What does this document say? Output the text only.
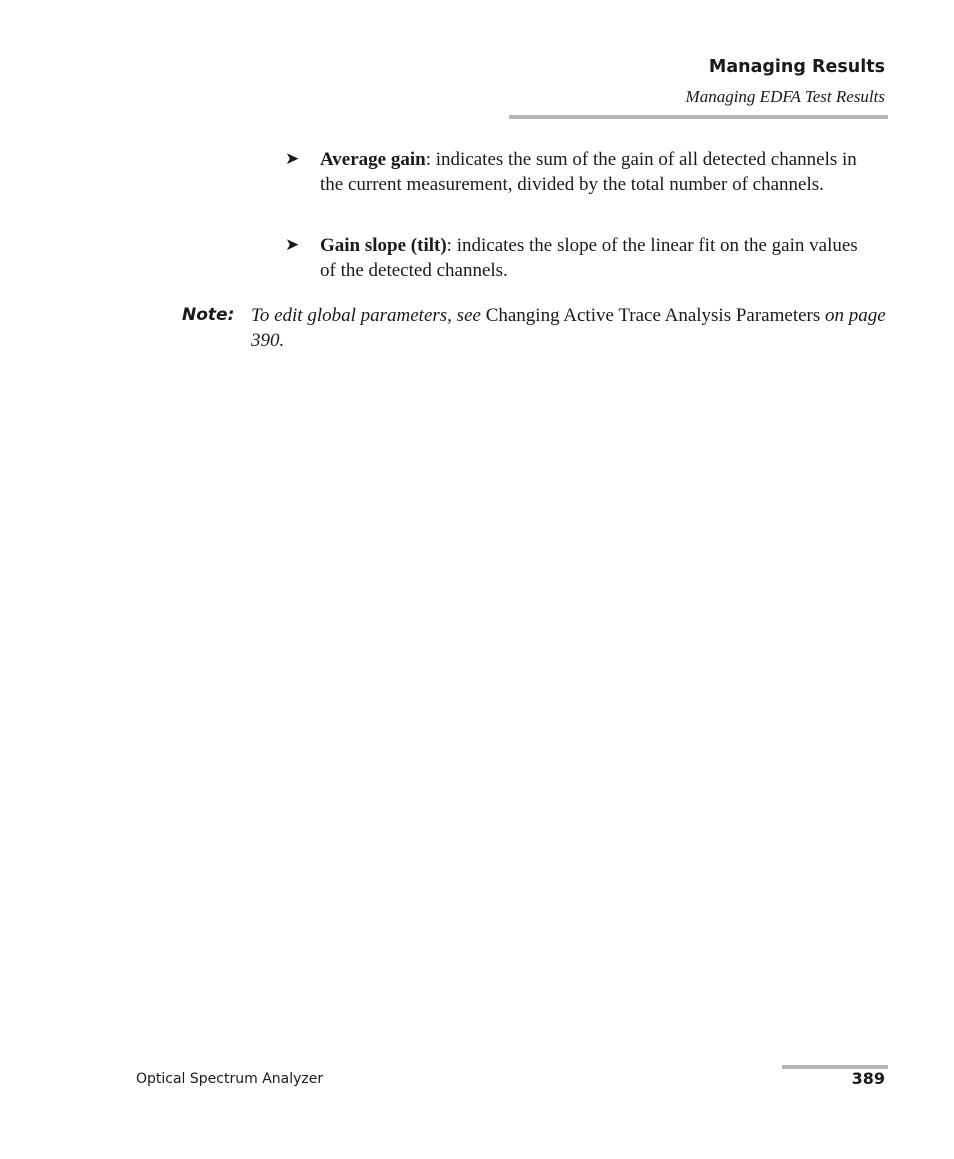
Managing Results
Managing EDFA Test Results
➤ Average gain: indicates the sum of the gain of all detected channels in the current measurement, divided by the total number of channels.
➤ Gain slope (tilt): indicates the slope of the linear fit on the gain values of the detected channels.
Note: To edit global parameters, see Changing Active Trace Analysis Parameters on page 390.
Optical Spectrum Analyzer	389
